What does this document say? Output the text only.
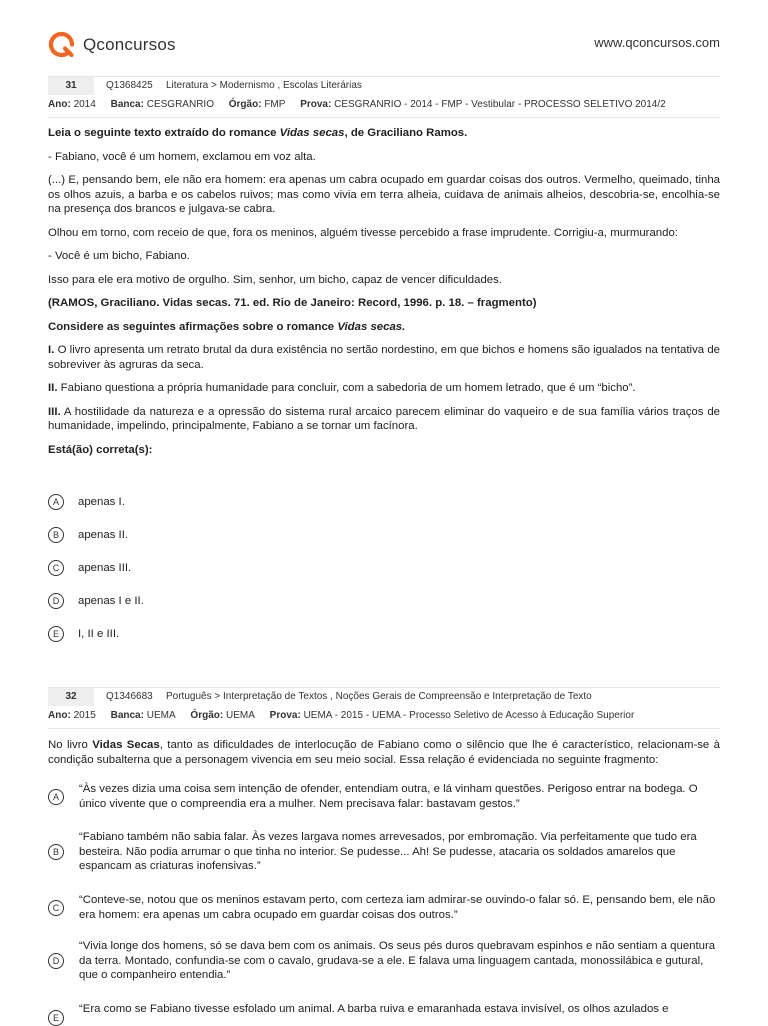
Qconcursos	www.qconcursos.com
31	Q1368425 Literatura > Modernismo , Escolas Literárias
Ano: 2014 Banca: CESGRANRIO Órgão: FMP Prova: CESGRANRIO - 2014 - FMP - Vestibular - PROCESSO SELETIVO 2014/2

Leia o seguinte texto extraído do romance Vidas secas, de Graciliano Ramos.

- Fabiano, você é um homem, exclamou em voz alta.

(...) E, pensando bem, ele não era homem: era apenas um cabra ocupado em guardar coisas dos outros. Vermelho, queimado, tinha os olhos azuis, a barba e os cabelos ruivos; mas como vivia em terra alheia, cuidava de animais alheios, descobria-se, encolhia-se na presença dos brancos e julgava-se cabra.

Olhou em torno, com receio de que, fora os meninos, alguém tivesse percebido a frase imprudente. Corrigiu-a, murmurando:

- Você é um bicho, Fabiano.

Isso para ele era motivo de orgulho. Sim, senhor, um bicho, capaz de vencer dificuldades.

(RAMOS, Graciliano. Vidas secas. 71. ed. Rio de Janeiro: Record, 1996. p. 18. – fragmento)

Considere as seguintes afirmações sobre o romance Vidas secas.

I. O livro apresenta um retrato brutal da dura existência no sertão nordestino, em que bichos e homens são igualados na tentativa de sobreviver às agruras da seca.

II. Fabiano questiona a própria humanidade para concluir, com a sabedoria de um homem letrado, que é um “bicho”.

III. A hostilidade da natureza e a opressão do sistema rural arcaico parecem eliminar do vaqueiro e de sua família vários traços de humanidade, impelindo, principalmente, Fabiano a se tornar um facínora.

Está(ão) correta(s):

A	apenas I.
B	apenas II.
C	apenas III.
D	apenas I e II.
E	I, II e III.
32	Q1346683 Português > Interpretação de Textos , Noções Gerais de Compreensão e Interpretação de Texto
Ano: 2015 Banca: UEMA Órgão: UEMA Prova: UEMA - 2015 - UEMA - Processo Seletivo de Acesso à Educação Superior

No livro Vidas Secas, tanto as dificuldades de interlocução de Fabiano como o silêncio que lhe é característico, relacionam-se à condição subalterna que a personagem vivencia em seu meio social. Essa relação é evidenciada no seguinte fragmento:

A
“Às vezes dizia uma coisa sem intenção de ofender, entendiam outra, e lá vinham questões. Perigoso entrar na bodega. O único vivente que o compreendia era a mulher. Nem precisava falar: bastavam gestos.”
B
“Fabiano também não sabia falar. Às vezes largava nomes arrevesados, por embromação. Via perfeitamente que tudo era besteira. Não podia arrumar o que tinha no interior. Se pudesse... Ah! Se pudesse, atacaria os soldados amarelos que espancam as criaturas inofensivas.”
C
“Conteve-se, notou que os meninos estavam perto, com certeza iam admirar-se ouvindo-o falar só. E, pensando bem, ele não era homem: era apenas um cabra ocupado em guardar coisas dos outros.”
D
“Vivia longe dos homens, só se dava bem com os animais. Os seus pés duros quebravam espinhos e não sentiam a quentura da terra. Montado, confundia-se com o cavalo, grudava-se a ele. E falava uma linguagem cantada, monossilábica e gutural, que o companheiro entendia.”
E
“Era como se Fabiano tivesse esfolado um animal. A barba ruiva e emaranhada estava invisível, os olhos azulados e
